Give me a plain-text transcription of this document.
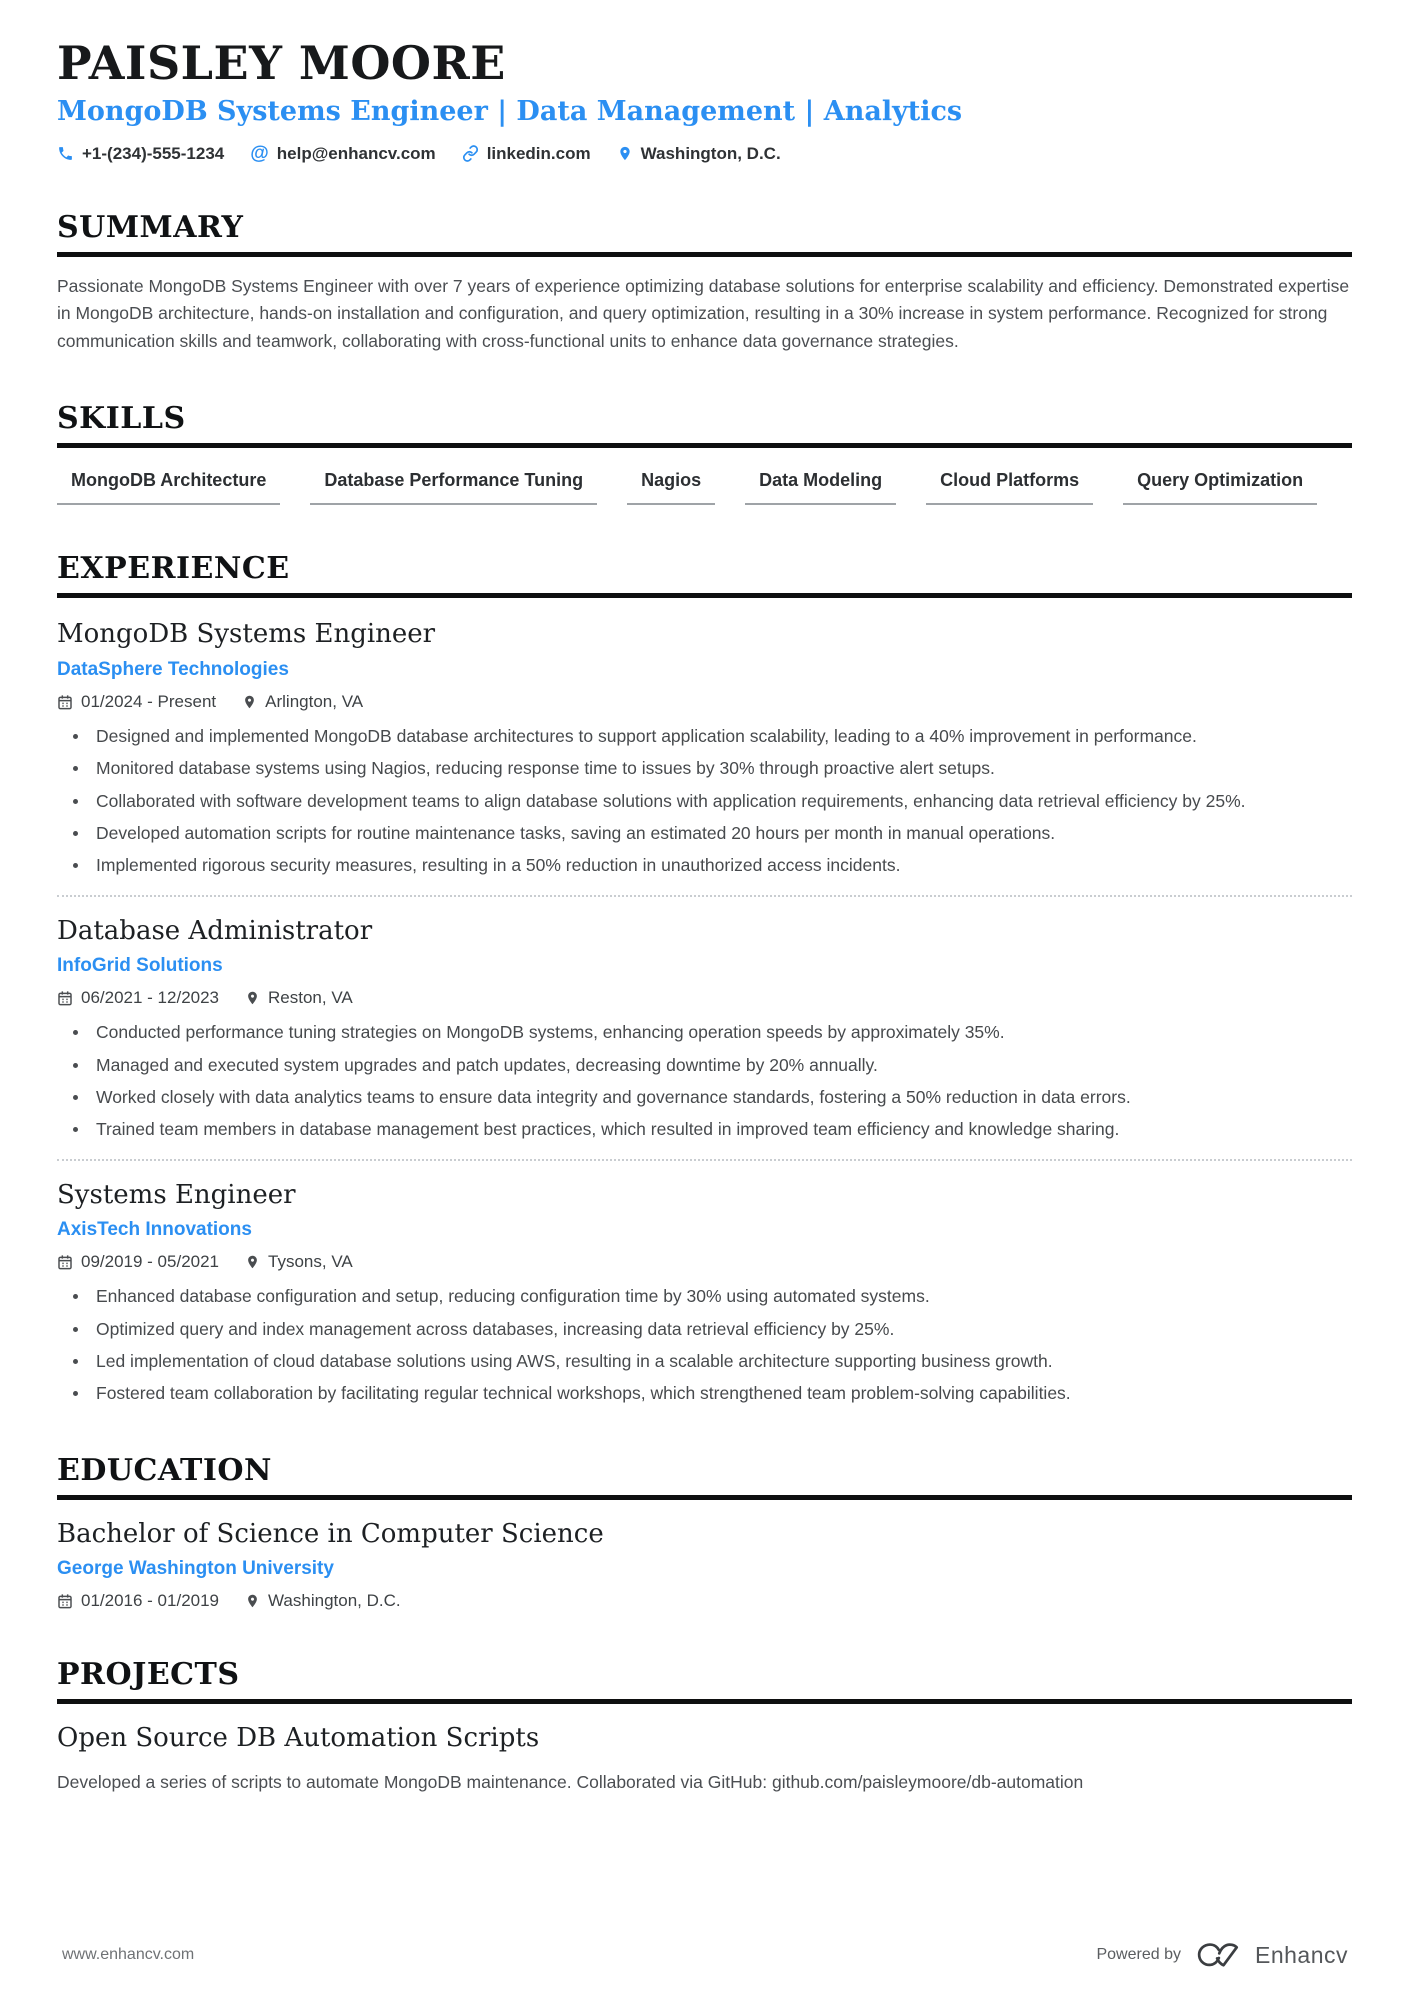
PAISLEY MOORE
MongoDB Systems Engineer | Data Management | Analytics
+1-(234)-555-1234 @ help@enhancv.com	linkedin.com	Washington, D.C.
SUMMARY

Passionate MongoDB Systems Engineer with over 7 years of experience optimizing database solutions for enterprise scalability and efficiency. Demonstrated expertise in MongoDB architecture, hands-on installation and configuration, and query optimization, resulting in a 30% increase in system performance. Recognized for strong communication skills and teamwork, collaborating with cross-functional units to enhance data governance strategies.

SKILLS
MongoDB Architecture	Database Performance Tuning	Nagios	Data Modeling	Cloud Platforms	Query Optimization
EXPERIENCE
MongoDB Systems Engineer
DataSphere Technologies
01/2024 - Present	Arlington, VA
Designed and implemented MongoDB database architectures to support application scalability, leading to a 40% improvement in performance.
Monitored database systems using Nagios, reducing response time to issues by 30% through proactive alert setups.
Collaborated with software development teams to align database solutions with application requirements, enhancing data retrieval efficiency by 25%.
Developed automation scripts for routine maintenance tasks, saving an estimated 20 hours per month in manual operations.
Implemented rigorous security measures, resulting in a 50% reduction in unauthorized access incidents.
Database Administrator
InfoGrid Solutions
06/2021 - 12/2023	Reston, VA
Conducted performance tuning strategies on MongoDB systems, enhancing operation speeds by approximately 35%.
Managed and executed system upgrades and patch updates, decreasing downtime by 20% annually.
Worked closely with data analytics teams to ensure data integrity and governance standards, fostering a 50% reduction in data errors.
Trained team members in database management best practices, which resulted in improved team efficiency and knowledge sharing.
Systems Engineer
AxisTech Innovations
09/2019 - 05/2021	Tysons, VA
Enhanced database configuration and setup, reducing configuration time by 30% using automated systems.
Optimized query and index management across databases, increasing data retrieval efficiency by 25%.
Led implementation of cloud database solutions using AWS, resulting in a scalable architecture supporting business growth.
Fostered team collaboration by facilitating regular technical workshops, which strengthened team problem-solving capabilities.
EDUCATION
Bachelor of Science in Computer Science
George Washington University
01/2016 - 01/2019	Washington, D.C.
PROJECTS
Open Source DB Automation Scripts

Developed a series of scripts to automate MongoDB maintenance. Collaborated via GitHub: github.com/paisleymoore/db-automation

www.enhancv.com	Powered by	Enhancv
